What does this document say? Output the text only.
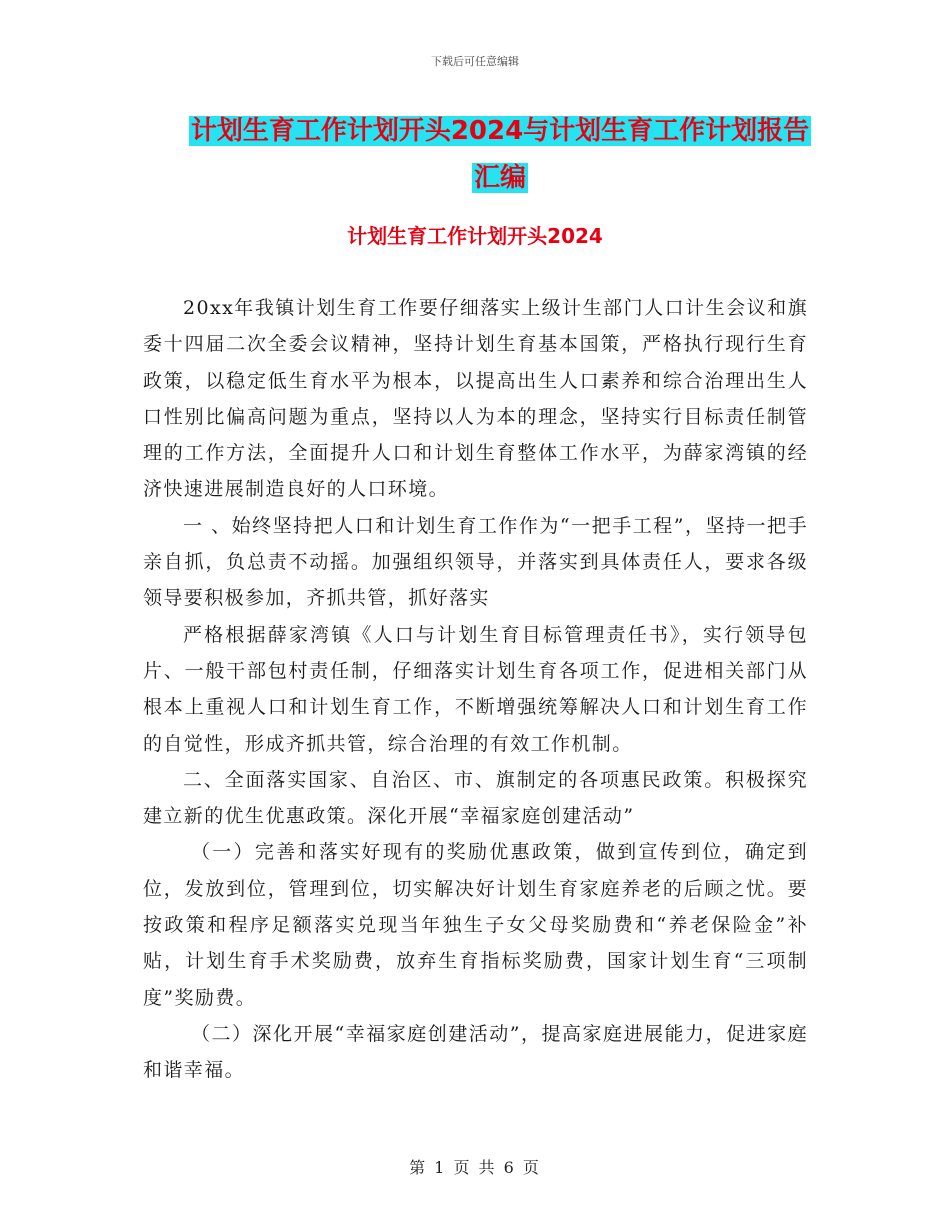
下载后可任意编辑
计划生育工作计划开头2024与计划生育工作计划报告
汇编
计划生育工作计划开头2024

20xx年我镇计划生育工作要仔细落实上级计生部门人口计生会议和旗委十四届二次全委会议精神，坚持计划生育基本国策，严格执行现行生育政策，以稳定低生育水平为根本，以提高出生人口素养和综合治理出生人口性别比偏高问题为重点，坚持以人为本的理念，坚持实行目标责任制管理的工作方法，全面提升人口和计划生育整体工作水平，为薛家湾镇的经济快速进展制造良好的人口环境。

一 、始终坚持把人口和计划生育工作作为“一把手工程”，坚持一把手亲自抓，负总责不动摇。加强组织领导，并落实到具体责任人，要求各级领导要积极参加，齐抓共管，抓好落实

严格根据薛家湾镇《人口与计划生育目标管理责任书》，实行领导包片、一般干部包村责任制，仔细落实计划生育各项工作，促进相关部门从根本上重视人口和计划生育工作，不断增强统筹解决人口和计划生育工作的自觉性，形成齐抓共管，综合治理的有效工作机制。

二、全面落实国家、自治区、市、旗制定的各项惠民政策。积极探究建立新的优生优惠政策。深化开展“幸福家庭创建活动”

（一）完善和落实好现有的奖励优惠政策，做到宣传到位，确定到位，发放到位，管理到位，切实解决好计划生育家庭养老的后顾之忧。要按政策和程序足额落实兑现当年独生子女父母奖励费和“养老保险金”补贴，计划生育手术奖励费，放弃生育指标奖励费，国家计划生育“三项制度”奖励费。

（二）深化开展“幸福家庭创建活动”，提高家庭进展能力，促进家庭和谐幸福。

第 1 页 共 6 页
